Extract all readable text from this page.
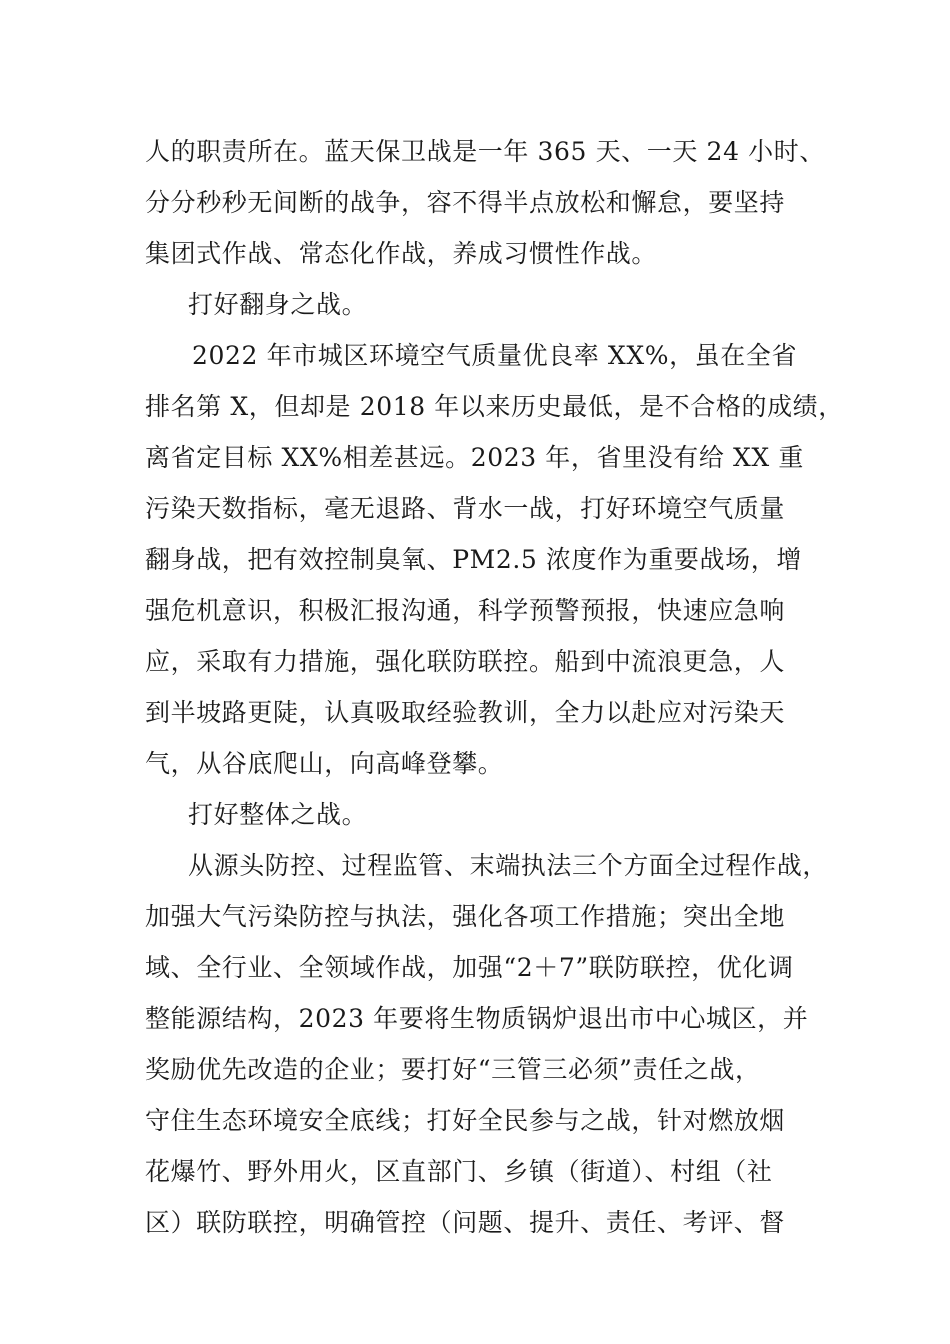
人的职责所在。蓝天保卫战是一年 365 天、一天 24 小时、
分分秒秒无间断的战争，容不得半点放松和懈怠，要坚持
集团式作战、常态化作战，养成习惯性作战。
打好翻身之战。
2022 年市城区环境空气质量优良率 XX%，虽在全省
排名第 X，但却是 2018 年以来历史最低，是不合格的成绩，
离省定目标 XX%相差甚远。2023 年，省里没有给 XX 重
污染天数指标，毫无退路、背水一战，打好环境空气质量
翻身战，把有效控制臭氧、PM2.5 浓度作为重要战场，增
强危机意识，积极汇报沟通，科学预警预报，快速应急响
应，采取有力措施，强化联防联控。船到中流浪更急，人
到半坡路更陡，认真吸取经验教训，全力以赴应对污染天
气，从谷底爬山，向高峰登攀。
打好整体之战。
从源头防控、过程监管、末端执法三个方面全过程作战，
加强大气污染防控与执法，强化各项工作措施；突出全地
域、全行业、全领域作战，加强“2＋7”联防联控，优化调
整能源结构，2023 年要将生物质锅炉退出市中心城区，并
奖励优先改造的企业；要打好“三管三必须”责任之战，
守住生态环境安全底线；打好全民参与之战，针对燃放烟
花爆竹、野外用火，区直部门、乡镇（街道）、村组（社
区）联防联控，明确管控（问题、提升、责任、考评、督
